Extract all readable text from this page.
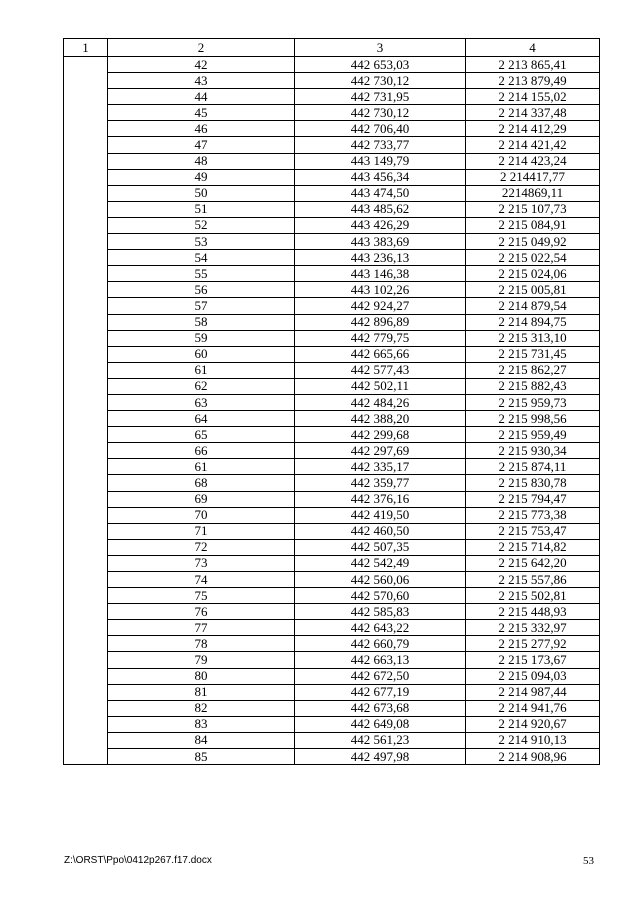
1	2	3	4
	42	442 653,03	2 213 865,41
	43	442 730,12	2 213 879,49
	44	442 731,95	2 214 155,02
	45	442 730,12	2 214 337,48
	46	442 706,40	2 214 412,29
	47	442 733,77	2 214 421,42
	48	443 149,79	2 214 423,24
	49	443 456,34	2 214417,77
	50	443 474,50	2214869,11
	51	443 485,62	2 215 107,73
	52	443 426,29	2 215 084,91
	53	443 383,69	2 215 049,92
	54	443 236,13	2 215 022,54
	55	443 146,38	2 215 024,06
	56	443 102,26	2 215 005,81
	57	442 924,27	2 214 879,54
	58	442 896,89	2 214 894,75
	59	442 779,75	2 215 313,10
	60	442 665,66	2 215 731,45
	61	442 577,43	2 215 862,27
	62	442 502,11	2 215 882,43
	63	442 484,26	2 215 959,73
	64	442 388,20	2 215 998,56
	65	442 299,68	2 215 959,49
	66	442 297,69	2 215 930,34
	61	442 335,17	2 215 874,11
	68	442 359,77	2 215 830,78
	69	442 376,16	2 215 794,47
	70	442 419,50	2 215 773,38
	71	442 460,50	2 215 753,47
	72	442 507,35	2 215 714,82
	73	442 542,49	2 215 642,20
	74	442 560,06	2 215 557,86
	75	442 570,60	2 215 502,81
	76	442 585,83	2 215 448,93
	77	442 643,22	2 215 332,97
	78	442 660,79	2 215 277,92
	79	442 663,13	2 215 173,67
	80	442 672,50	2 215 094,03
	81	442 677,19	2 214 987,44
	82	442 673,68	2 214 941,76
	83	442 649,08	2 214 920,67
	84	442 561,23	2 214 910,13
	85	442 497,98	2 214 908,96
Z:\ORST\Ppo\0412p267.f17.docx	53
